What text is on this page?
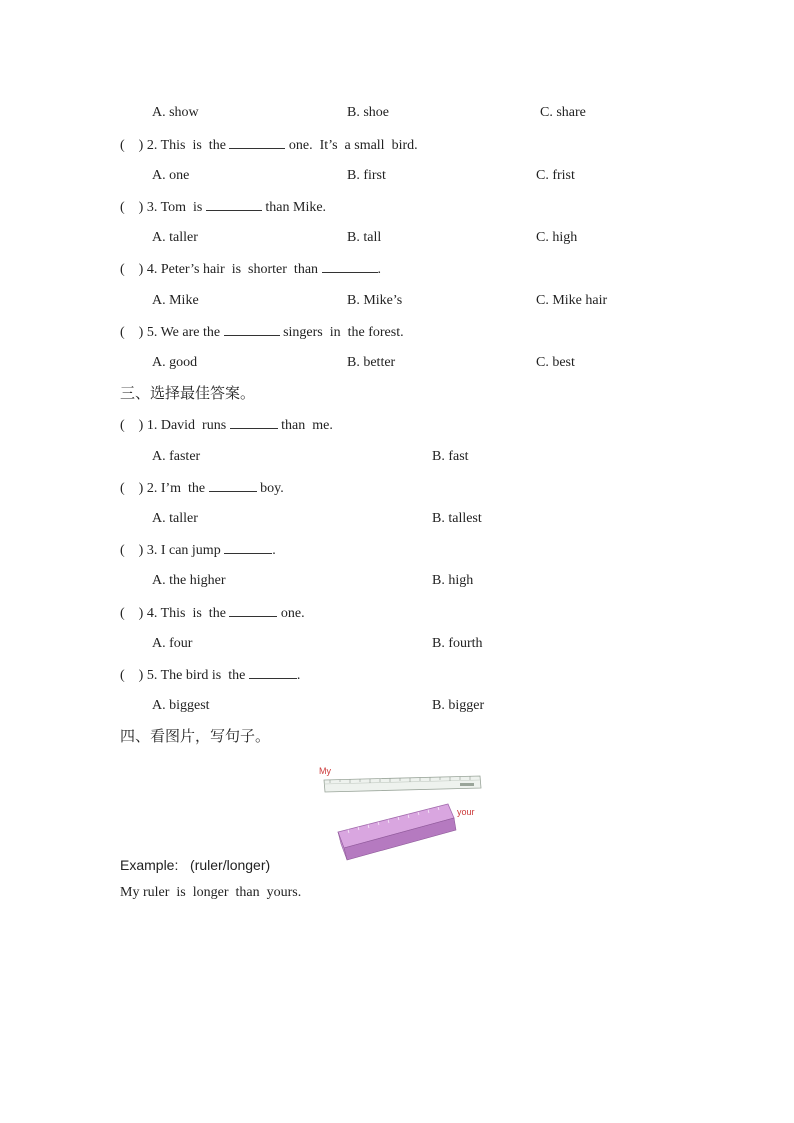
A. show	B. shoe	C. share
(    ) 2. This  is  the	one.  It’s  a small  bird.
A. one	B. first	C. frist
(    ) 3. Tom  is	than Mike.
A. taller	B. tall	C. high
(    ) 4. Peter’s hair  is  shorter  than	.
A. Mike	B. Mike’s	C. Mike hair
(    ) 5. We are the	singers  in  the forest.
A. good	B. better	C. best
三、选择最佳答案。
(    ) 1. David  runs	than  me.
A. faster	B. fast
(    ) 2. I’m  the	boy.
A. taller	B. tallest
(    ) 3. I can jump	.
A. the higher	B. high
(    ) 4. This  is  the	one.
A. four	B. fourth
(    ) 5. The bird is  the	.
A. biggest	B. bigger
四、看图片，写句子。
My
your
Example:   (ruler/longer)
My ruler  is  longer  than  yours.
